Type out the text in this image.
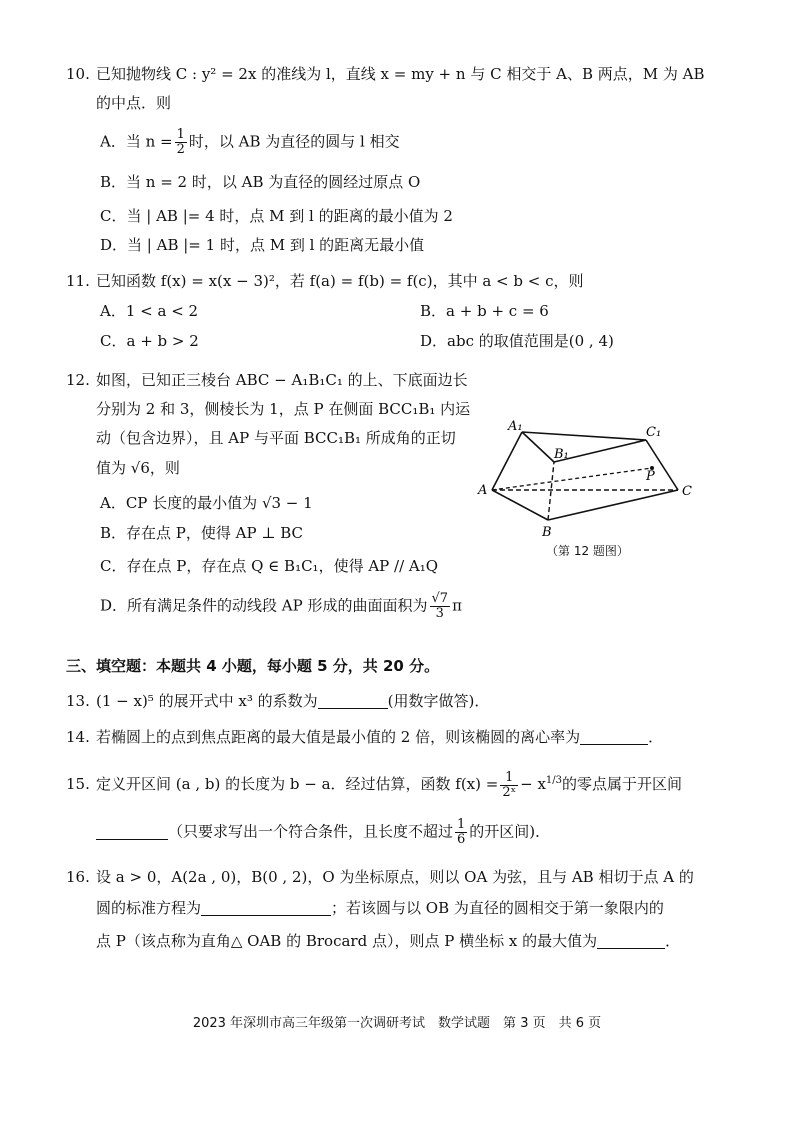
10. 已知抛物线 C : y² = 2x 的准线为 l，直线 x = my + n 与 C 相交于 A、B 两点，M 为 AB
的中点．则
A．当 $n = \frac{1}{2}$ 时，以 AB 为直径的圆与 l 相交
B．当 n = 2 时，以 AB 为直径的圆经过原点 O
C．当 | AB |= 4 时，点 M 到 l 的距离的最小值为 2
D．当 | AB |= 1 时，点 M 到 l 的距离无最小值
11. 已知函数 f(x) = x(x − 3)²，若 f(a) = f(b) = f(c)，其中 a < b < c，则
A．1 < a < 2	B．a + b + c = 6
C．a + b > 2	D．abc 的取值范围是(0 , 4)
12. 如图，已知正三棱台 ABC − A₁B₁C₁ 的上、下底面边长
分别为 2 和 3，侧棱长为 1，点 P 在侧面 BCC₁B₁ 内运
动（包含边界），且 AP 与平面 BCC₁B₁ 所成角的正切
值为 √6，则
A．CP 长度的最小值为 √3 − 1
B．存在点 P，使得 AP ⊥ BC
C．存在点 P，存在点 Q ∈ B₁C₁，使得 AP // A₁Q
D．所有满足条件的动线段 AP 形成的曲面面积为 $\frac{√7}{3}$ π
A₁
B₁
C₁
A
B
C
P
（第 12 题图）
三、填空题：本题共 4 小题，每小题 5 分，共 20 分。
13. (1 − x)⁵ 的展开式中 x³ 的系数为	(用数字做答)．
14. 若椭圆上的点到焦点距离的最大值是最小值的 2 倍，则该椭圆的离心率为	．
15. 定义开区间 (a , b) 的长度为 b − a．经过估算，函数 $f(x) = \frac{1}{\text{2ˣ}} - x^{1/3}$的零点属于开区间
（只要求写出一个符合条件，且长度不超过 $\frac{1}{6}$ 的开区间)．
16. 设 a > 0，A(2a , 0)，B(0 , 2)，O 为坐标原点，则以 OA 为弦，且与 AB 相切于点 A 的
圆的标准方程为	；若该圆与以 OB 为直径的圆相交于第一象限内的
点 P（该点称为直角△ OAB 的 Brocard 点），则点 P 横坐标 x 的最大值为	．
2023 年深圳市高三年级第一次调研考试　数学试题　第 3 页　共 6 页
